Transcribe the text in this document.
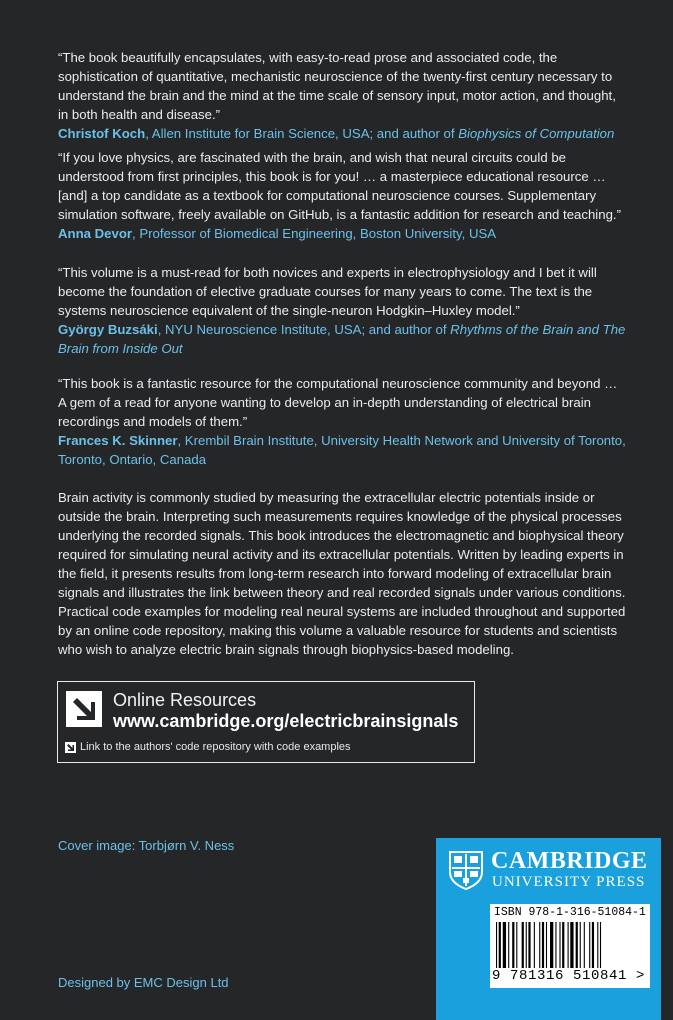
“The book beautifully encapsulates, with easy-to-read prose and associated code, the sophistication of quantitative, mechanistic neuroscience of the twenty-first century necessary to understand the brain and the mind at the time scale of sensory input, motor action, and thought, in both health and disease.”

Christof Koch, Allen Institute for Brain Science, USA; and author of Biophysics of Computation

“If you love physics, are fascinated with the brain, and wish that neural circuits could be understood from first principles, this book is for you! … a masterpiece educational resource … [and] a top candidate as a textbook for computational neuroscience courses. Supplementary simulation software, freely available on GitHub, is a fantastic addition for research and teaching.”

Anna Devor, Professor of Biomedical Engineering, Boston University, USA

“This volume is a must-read for both novices and experts in electrophysiology and I bet it will become the foundation of elective graduate courses for many years to come. The text is the systems neuroscience equivalent of the single-neuron Hodgkin–Huxley model.”

György Buzsáki, NYU Neuroscience Institute, USA; and author of Rhythms of the Brain and The Brain from Inside Out

“This book is a fantastic resource for the computational neuroscience community and beyond … A gem of a read for anyone wanting to develop an in-depth understanding of electrical brain recordings and models of them.”

Frances K. Skinner, Krembil Brain Institute, University Health Network and University of Toronto, Toronto, Ontario, Canada

Brain activity is commonly studied by measuring the extracellular electric potentials inside or outside the brain. Interpreting such measurements requires knowledge of the physical processes underlying the recorded signals. This book introduces the electromagnetic and biophysical theory required for simulating neural activity and its extracellular potentials. Written by leading experts in the field, it presents results from long-term research into forward modeling of extracellular brain signals and illustrates the link between theory and real recorded signals under various conditions. Practical code examples for modeling real neural systems are included throughout and supported by an online code repository, making this volume a valuable resource for students and scientists who wish to analyze electric brain signals through biophysics-based modeling.

Online Resources
www.cambridge.org/electricbrainsignals
Link to the authors' code repository with code examples
Cover image: Torbjørn V. Ness
Designed by EMC Design Ltd
CAMBRIDGE
UNIVERSITY PRESS
ISBN 978-1-316-51084-1
9 781316 510841 >
